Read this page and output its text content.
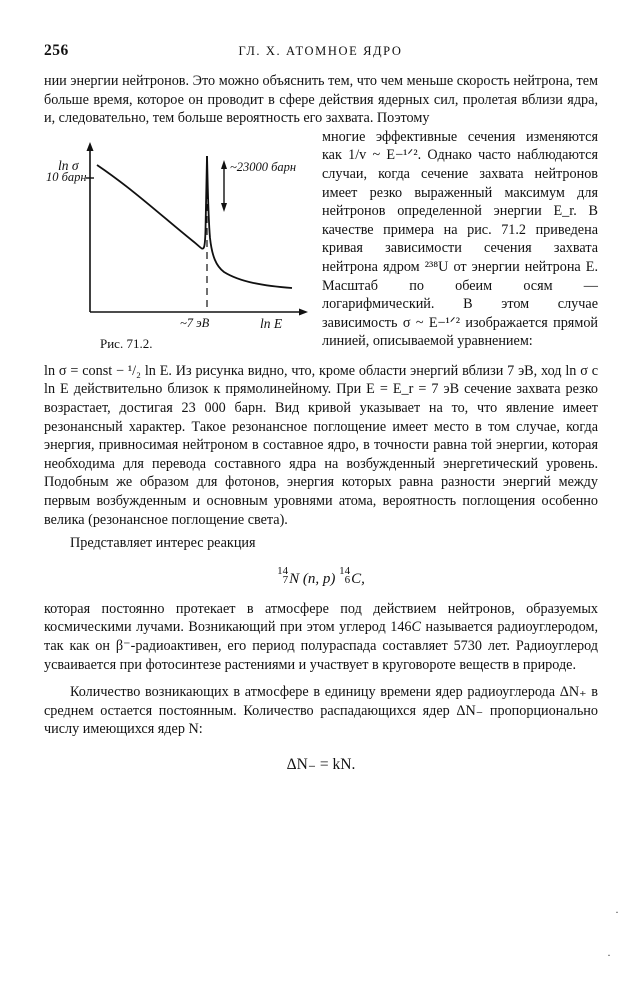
256	ГЛ. X. АТОМНОЕ ЯДРО

нии энергии нейтронов. Это можно объяснить тем, что чем меньше скорость нейтрона, тем больше время, которое он проводит в сфере действия ядерных сил, пролетая вблизи ядра, и, следовательно, тем больше вероятность его захвата. Поэтому

ln σ
10 барн
~23000 барн
~7 эВ	ln E
Рис. 71.2.

многие эффективные сечения изменяются как 1/v ~ E−¹ᐟ². Однако часто наблюдаются случаи, когда сечение захвата нейтронов имеет резко выраженный максимум для нейтронов определенной энергии E_r. В качестве примера на рис. 71.2 приведена кривая зависимости сечения захвата нейтрона ядром ²³⁸U от энергии нейтрона E. Масштаб по обеим осям — логарифмический. В этом случае зависимость σ ~ E−¹ᐟ² изображается прямой линией, описываемой уравнением:

ln σ = const − ¹/₂ ln E. Из рисунка видно, что, кроме области энергий вблизи 7 эВ, ход ln σ с ln E действительно близок к прямолинейному. При E = E_r = 7 эВ сечение захвата резко возрастает, достигая 23 000 барн. Вид кривой указывает на то, что явление имеет резонансный характер. Такое резонансное поглощение имеет место в том случае, когда энергия, привносимая нейтроном в составное ядро, в точности равна той энергии, которая необходима для перевода составного ядра на возбужденный энергетический уровень. Подобным же образом для фотонов, энергия которых равна разности энергий между первым возбужденным и основным уровнями атома, вероятность поглощения особенно велика (резонансное поглощение света).

Представляет интерес реакция

14
7 N (n, p) 14
6 C,

которая постоянно протекает в атмосфере под действием нейтронов, образуемых космическими лучами. Возникающий при этом углерод 146C называется радиоуглеродом, так как он β⁻-радиоактивен, его период полураспада составляет 5730 лет. Радиоуглерод усваивается при фотосинтезе растениями и участвует в круговороте веществ в природе.

Количество возникающих в атмосфере в единицу времени ядер радиоуглерода ΔN₊ в среднем остается постоянным. Количество распадающихся ядер ΔN₋ пропорционально числу имеющихся ядер N:

ΔN₋ = kN.
·
·
